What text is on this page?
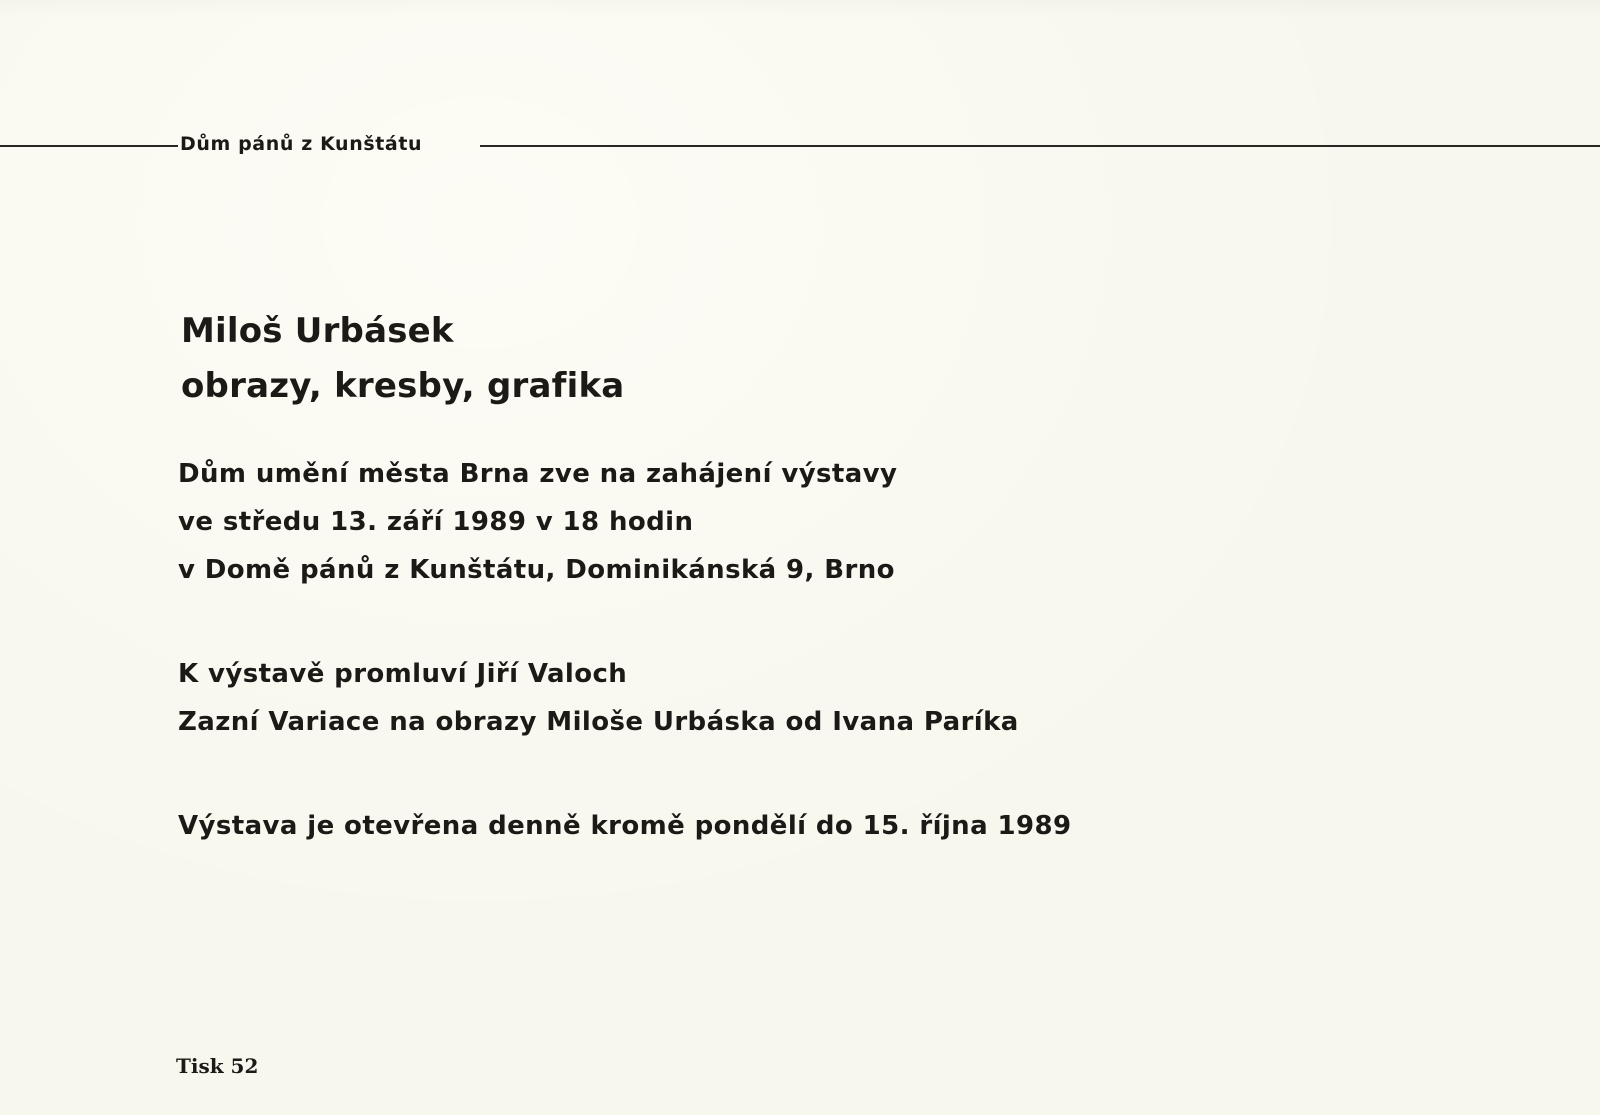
Dům pánů z Kunštátu
Miloš Urbásek
obrazy, kresby, grafika
Dům umění města Brna zve na zahájení výstavy
ve středu 13. září 1989 v 18 hodin
v Domě pánů z Kunštátu, Dominikánská 9, Brno
K výstavě promluví Jiří Valoch
Zazní Variace na obrazy Miloše Urbáska od Ivana Paríka
Výstava je otevřena denně kromě pondělí do 15. října 1989
Tisk 52
